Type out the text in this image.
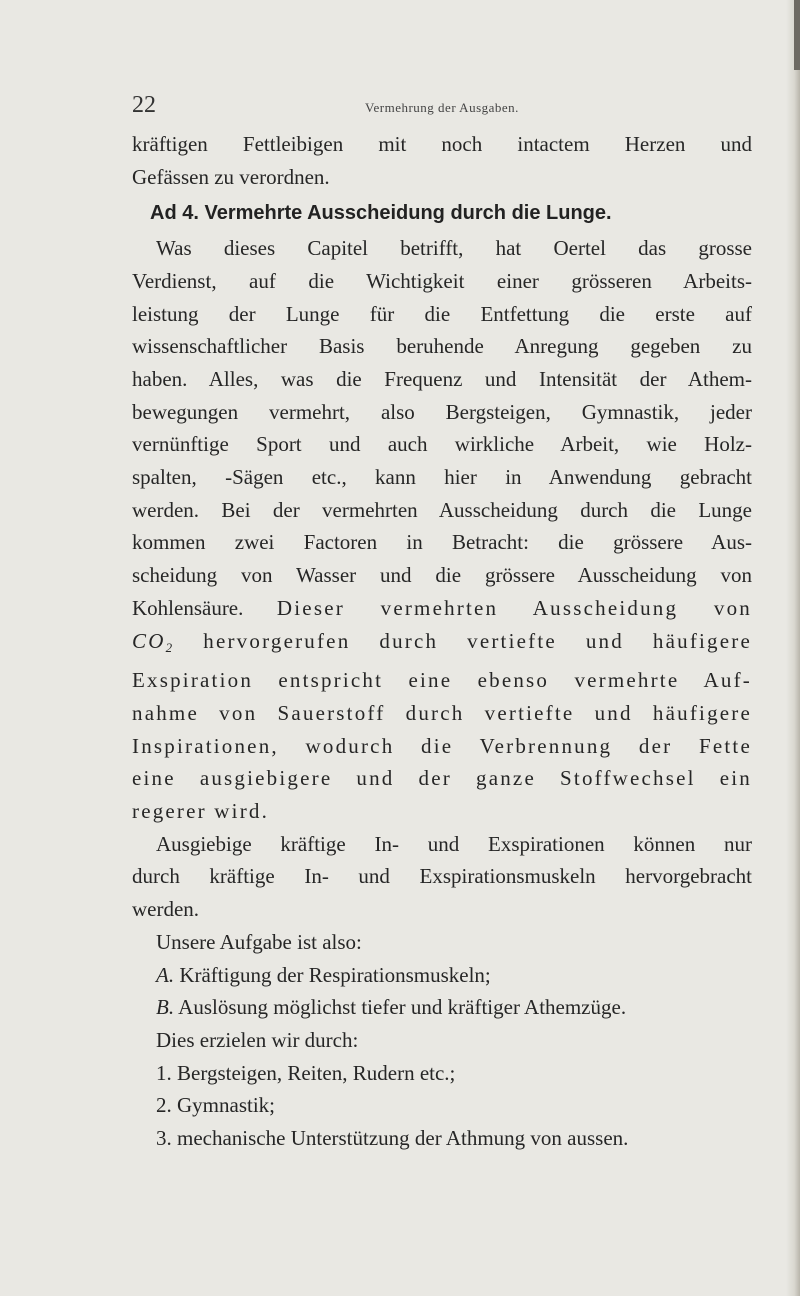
22	Vermehrung der Ausgaben.
kräftigen Fettleibigen mit noch intactem Herzen und
Gefässen zu verordnen.
Ad 4. Vermehrte Ausscheidung durch die Lunge.
Was dieses Capitel betrifft, hat Oertel das grosse
Verdienst, auf die Wichtigkeit einer grösseren Arbeits-
leistung der Lunge für die Entfettung die erste auf
wissenschaftlicher Basis beruhende Anregung gegeben zu
haben. Alles, was die Frequenz und Intensität der Athem-
bewegungen vermehrt, also Bergsteigen, Gymnastik, jeder
vernünftige Sport und auch wirkliche Arbeit, wie Holz-
spalten, -Sägen etc., kann hier in Anwendung gebracht
werden. Bei der vermehrten Ausscheidung durch die Lunge
kommen zwei Factoren in Betracht: die grössere Aus-
scheidung von Wasser und die grössere Ausscheidung von
Kohlensäure. Dieser vermehrten Ausscheidung von
CO2 hervorgerufen durch vertiefte und häufigere
Exspiration entspricht eine ebenso vermehrte Auf-
nahme von Sauerstoff durch vertiefte und häufigere
Inspirationen, wodurch die Verbrennung der Fette
eine ausgiebigere und der ganze Stoffwechsel ein
regerer wird.
Ausgiebige kräftige In- und Exspirationen können nur
durch kräftige In- und Exspirationsmuskeln hervorgebracht
werden.
Unsere Aufgabe ist also:
A. Kräftigung der Respirationsmuskeln;
B. Auslösung möglichst tiefer und kräftiger Athemzüge.
Dies erzielen wir durch:
1. Bergsteigen, Reiten, Rudern etc.;
2. Gymnastik;
3. mechanische Unterstützung der Athmung von aussen.
